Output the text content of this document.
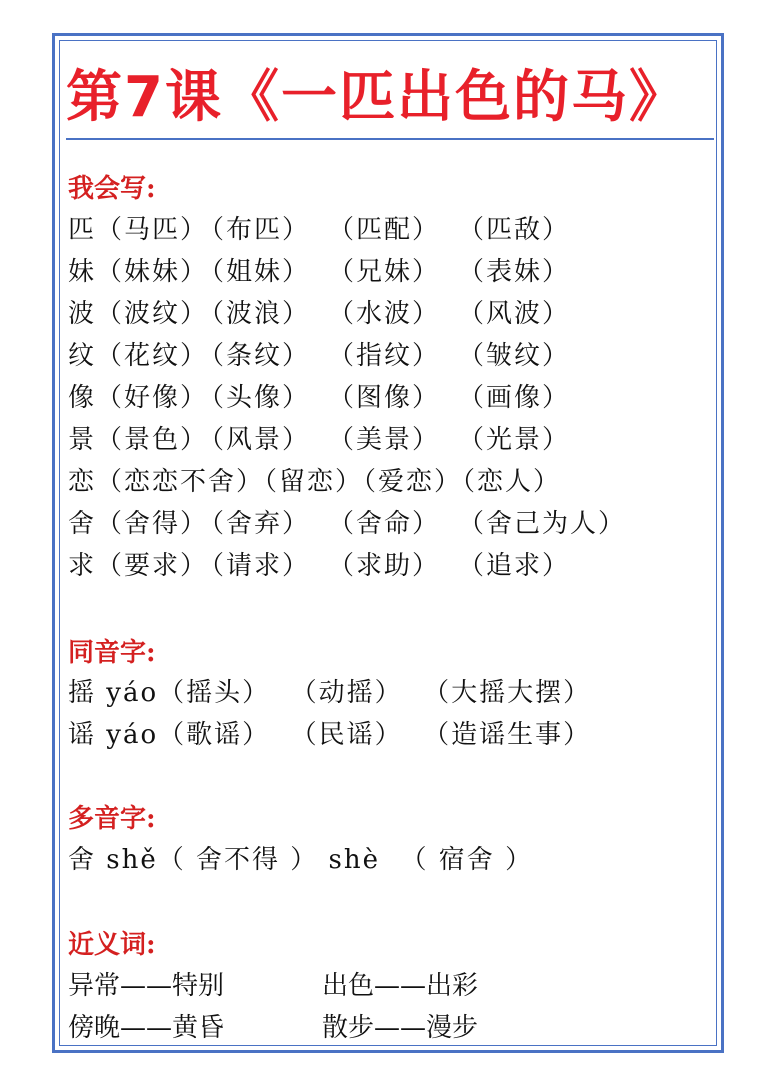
第7课《一匹出色的马》
我会写:
匹（马匹）（布匹） （匹配） （匹敌）
妹（妹妹）（姐妹） （兄妹） （表妹）
波（波纹）（波浪） （水波） （风波）
纹（花纹）（条纹） （指纹） （皱纹）
像（好像）（头像） （图像） （画像）
景（景色）（风景） （美景） （光景）
恋（恋恋不舍）（留恋）（爱恋）（恋人）
舍（舍得）（舍弃） （舍命） （舍己为人）
求（要求）（请求） （求助） （追求）
同音字:
摇 yáo（摇头）  （动摇）  （大摇大摆）
谣 yáo（歌谣）  （民谣）  （造谣生事）
多音字:
舍 shě（ 舍不得 ） shè  （ 宿舍 ）
近义词:
异常——特别	出色——出彩
傍晚——黄昏	散步——漫步
